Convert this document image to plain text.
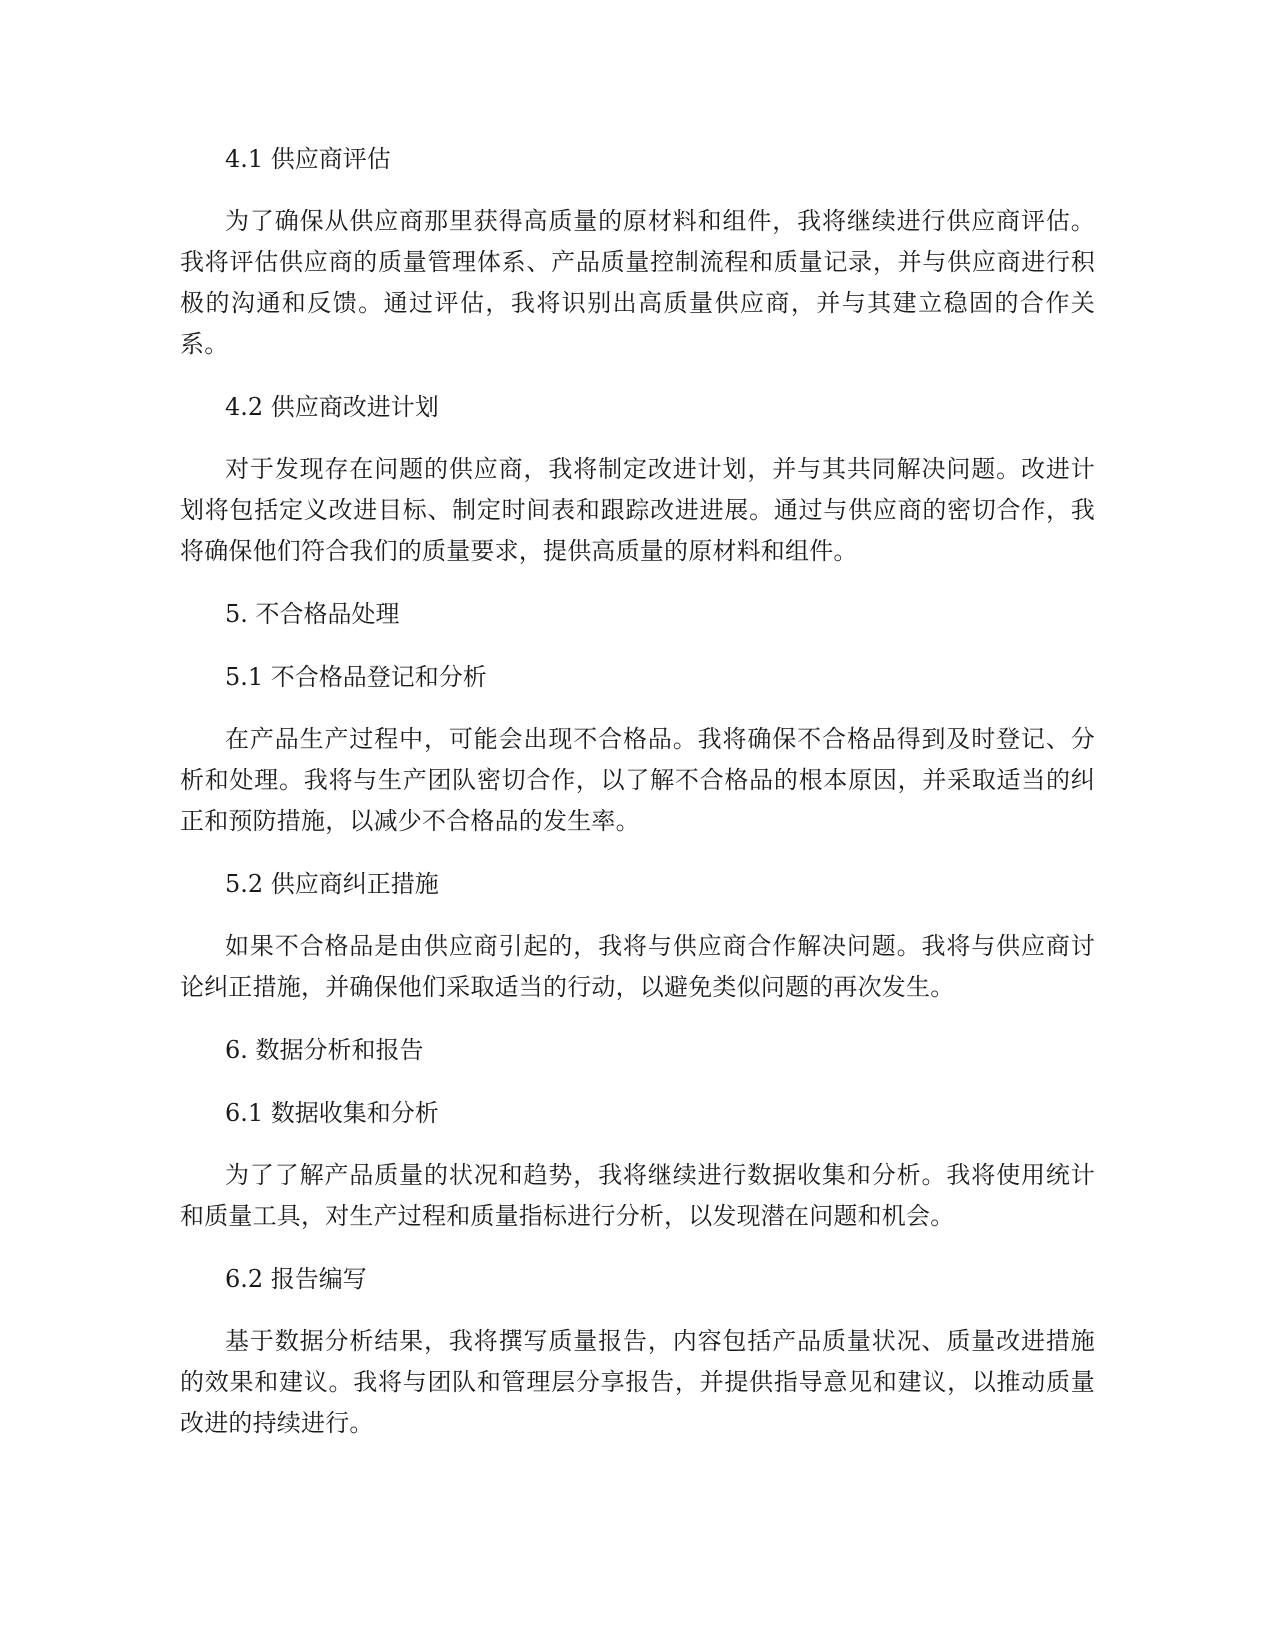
4.1 供应商评估

为了确保从供应商那里获得高质量的原材料和组件，我将继续进行供应商评估。我将评估供应商的质量管理体系、产品质量控制流程和质量记录，并与供应商进行积极的沟通和反馈。通过评估，我将识别出高质量供应商，并与其建立稳固的合作关系。

4.2 供应商改进计划

对于发现存在问题的供应商，我将制定改进计划，并与其共同解决问题。改进计划将包括定义改进目标、制定时间表和跟踪改进进展。通过与供应商的密切合作，我将确保他们符合我们的质量要求，提供高质量的原材料和组件。

5. 不合格品处理
5.1 不合格品登记和分析

在产品生产过程中，可能会出现不合格品。我将确保不合格品得到及时登记、分析和处理。我将与生产团队密切合作，以了解不合格品的根本原因，并采取适当的纠正和预防措施，以减少不合格品的发生率。

5.2 供应商纠正措施

如果不合格品是由供应商引起的，我将与供应商合作解决问题。我将与供应商讨论纠正措施，并确保他们采取适当的行动，以避免类似问题的再次发生。

6. 数据分析和报告
6.1 数据收集和分析

为了了解产品质量的状况和趋势，我将继续进行数据收集和分析。我将使用统计和质量工具，对生产过程和质量指标进行分析，以发现潜在问题和机会。

6.2 报告编写

基于数据分析结果，我将撰写质量报告，内容包括产品质量状况、质量改进措施的效果和建议。我将与团队和管理层分享报告，并提供指导意见和建议，以推动质量改进的持续进行。
